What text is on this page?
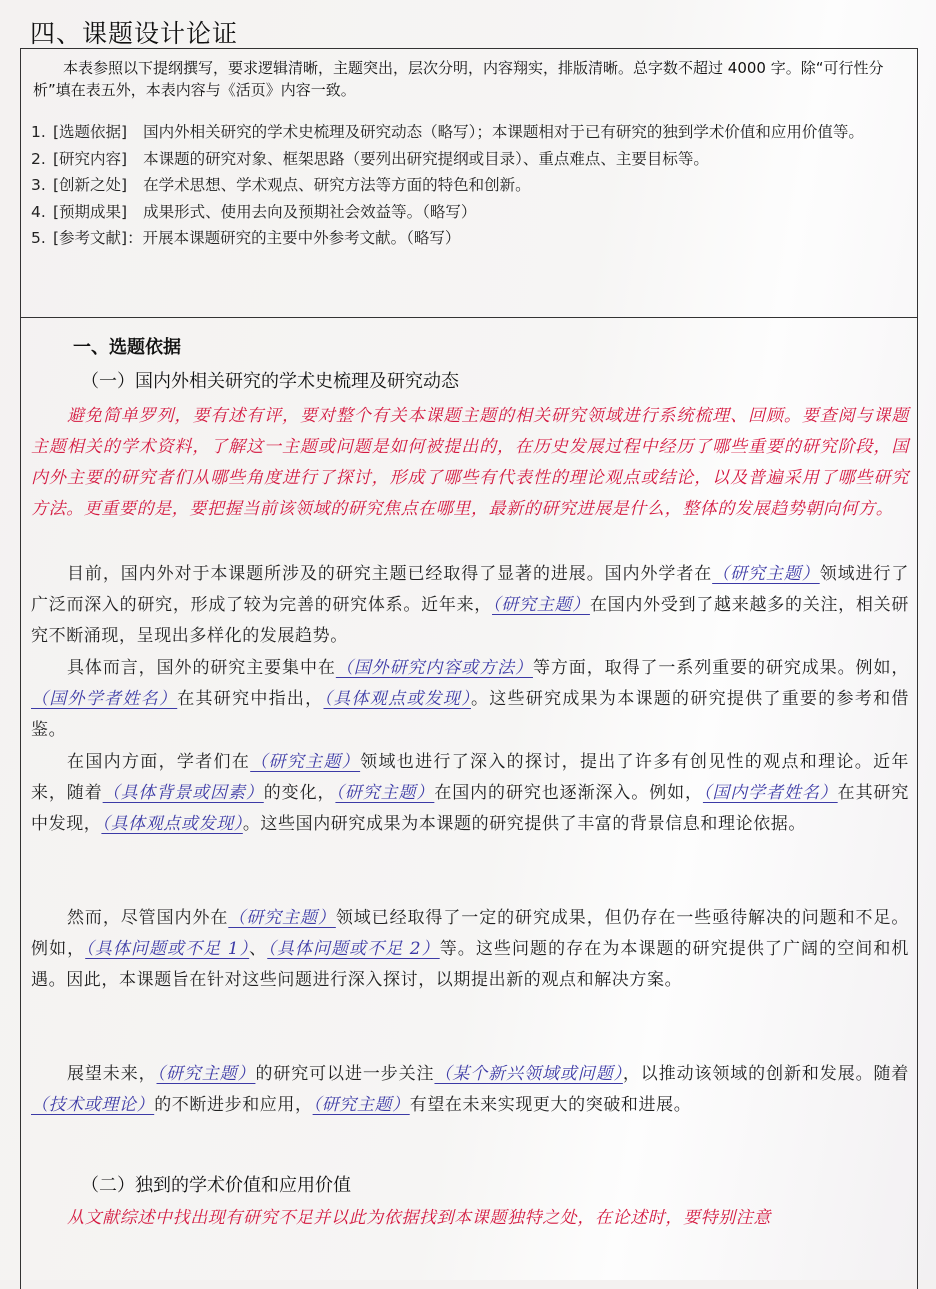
四、课题设计论证

本表参照以下提纲撰写，要求逻辑清晰，主题突出，层次分明，内容翔实，排版清晰。总字数不超过 4000 字。除“可行性分析”填在表五外，本表内容与《活页》内容一致。

1. [选题依据] 国内外相关研究的学术史梳理及研究动态（略写）；本课题相对于已有研究的独到学术价值和应用价值等。
2. [研究内容] 本课题的研究对象、框架思路（要列出研究提纲或目录）、重点难点、主要目标等。
3. [创新之处] 在学术思想、学术观点、研究方法等方面的特色和创新。
4. [预期成果] 成果形式、使用去向及预期社会效益等。（略写）
5. [参考文献]：开展本课题研究的主要中外参考文献。（略写）
一、选题依据
（一）国内外相关研究的学术史梳理及研究动态

避免简单罗列，要有述有评，要对整个有关本课题主题的相关研究领域进行系统梳理、回顾。要查阅与课题主题相关的学术资料，了解这一主题或问题是如何被提出的，在历史发展过程中经历了哪些重要的研究阶段，国内外主要的研究者们从哪些角度进行了探讨，形成了哪些有代表性的理论观点或结论，以及普遍采用了哪些研究方法。更重要的是，要把握当前该领域的研究焦点在哪里，最新的研究进展是什么，整体的发展趋势朝向何方。

目前，国内外对于本课题所涉及的研究主题已经取得了显著的进展。国内外学者在（研究主题）领域进行了广泛而深入的研究，形成了较为完善的研究体系。近年来，（研究主题）在国内外受到了越来越多的关注，相关研究不断涌现，呈现出多样化的发展趋势。

具体而言，国外的研究主要集中在（国外研究内容或方法）等方面，取得了一系列重要的研究成果。例如，（国外学者姓名）在其研究中指出，（具体观点或发现）。这些研究成果为本课题的研究提供了重要的参考和借鉴。

在国内方面，学者们在（研究主题）领域也进行了深入的探讨，提出了许多有创见性的观点和理论。近年来，随着（具体背景或因素）的变化，（研究主题）在国内的研究也逐渐深入。例如，（国内学者姓名）在其研究中发现，（具体观点或发现）。这些国内研究成果为本课题的研究提供了丰富的背景信息和理论依据。

然而，尽管国内外在（研究主题）领域已经取得了一定的研究成果，但仍存在一些亟待解决的问题和不足。例如，（具体问题或不足 1）、（具体问题或不足 2）等。这些问题的存在为本课题的研究提供了广阔的空间和机遇。因此，本课题旨在针对这些问题进行深入探讨，以期提出新的观点和解决方案。

展望未来，（研究主题）的研究可以进一步关注（某个新兴领域或问题），以推动该领域的创新和发展。随着（技术或理论）的不断进步和应用，（研究主题）有望在未来实现更大的突破和进展。

（二）独到的学术价值和应用价值

从文献综述中找出现有研究不足并以此为依据找到本课题独特之处，在论述时，要特别注意
